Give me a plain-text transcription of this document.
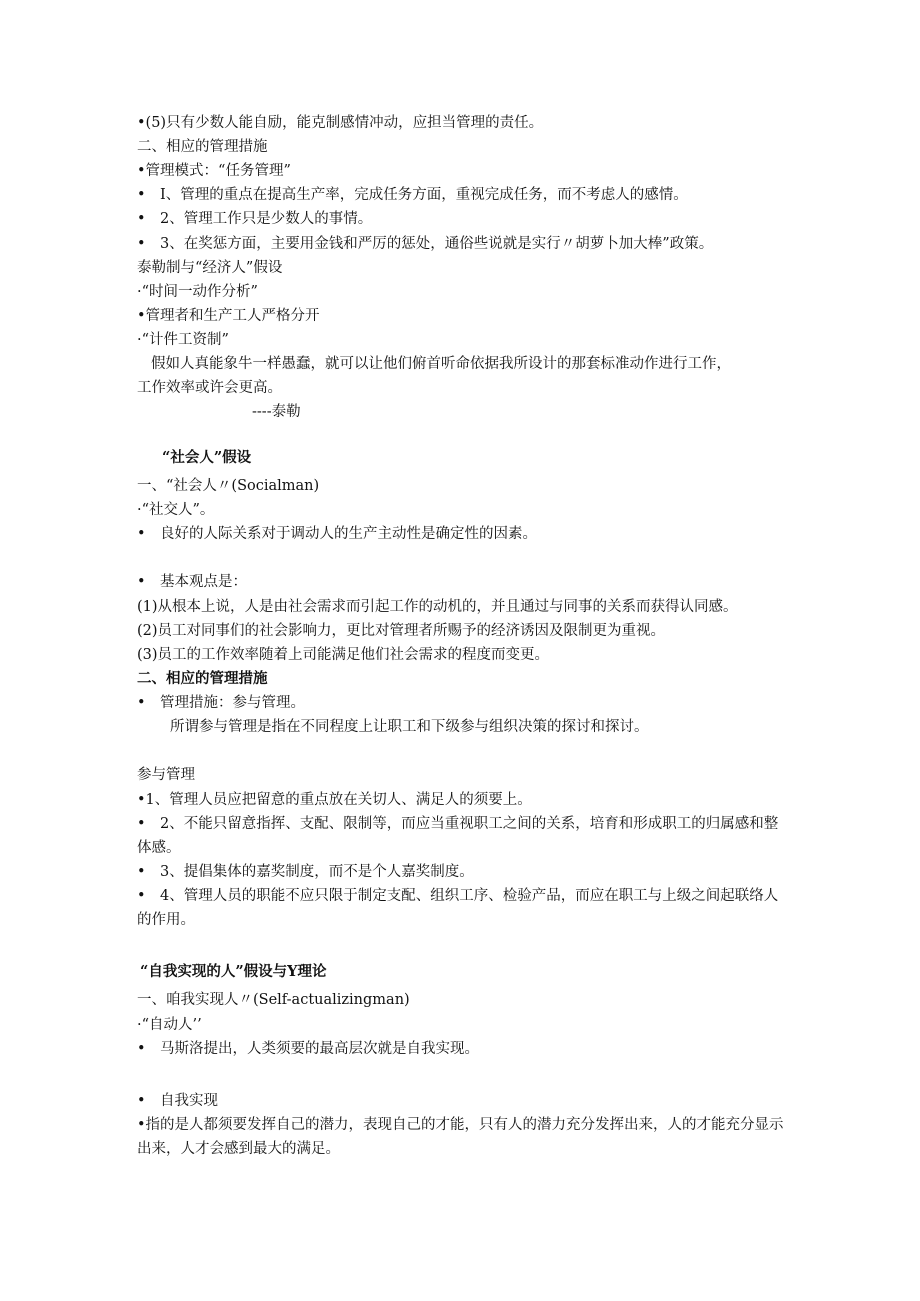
•(5)只有少数人能自励，能克制感情冲动，应担当管理的责任。
二、相应的管理措施
•管理模式：“任务管理”
•　I、管理的重点在提高生产率，完成任务方面，重视完成任务，而不考虑人的感情。
•　2、管理工作只是少数人的事情。
•　3、在奖惩方面，主要用金钱和严厉的惩处，通俗些说就是实行〃胡萝卜加大棒”政策。
泰勒制与“经济人”假设
·“时间一动作分析”
•管理者和生产工人严格分开
·“计件工资制”
假如人真能象牛一样愚蠢，就可以让他们俯首听命依据我所设计的那套标准动作进行工作，
工作效率或许会更高。
----泰勒
“社会人”假设
一、“社会人〃(Socialman)
·“社交人”。
•　良好的人际关系对于调动人的生产主动性是确定性的因素。
•　基本观点是：
(1)从根本上说，人是由社会需求而引起工作的动机的，并且通过与同事的关系而获得认同感。
(2)员工对同事们的社会影响力，更比对管理者所赐予的经济诱因及限制更为重视。
(3)员工的工作效率随着上司能满足他们社会需求的程度而变更。
二、相应的管理措施
•　管理措施：参与管理。
所谓参与管理是指在不同程度上让职工和下级参与组织决策的探讨和探讨。
参与管理
•1、管理人员应把留意的重点放在关切人、满足人的须要上。
•　2、不能只留意指挥、支配、限制等，而应当重视职工之间的关系，培育和形成职工的归属感和整体感。
•　3、提倡集体的嘉奖制度，而不是个人嘉奖制度。
•　4、管理人员的职能不应只限于制定支配、组织工序、检验产品，而应在职工与上级之间起联络人的作用。
“自我实现的人”假设与Y理论
一、咱我实现人〃(Self-actualizingman)
·“自动人’’
•　马斯洛提出，人类须要的最高层次就是自我实现。
•　自我实现
•指的是人都须要发挥自己的潜力，表现自己的才能，只有人的潜力充分发挥出来，人的才能充分显示出来，人才会感到最大的满足。
